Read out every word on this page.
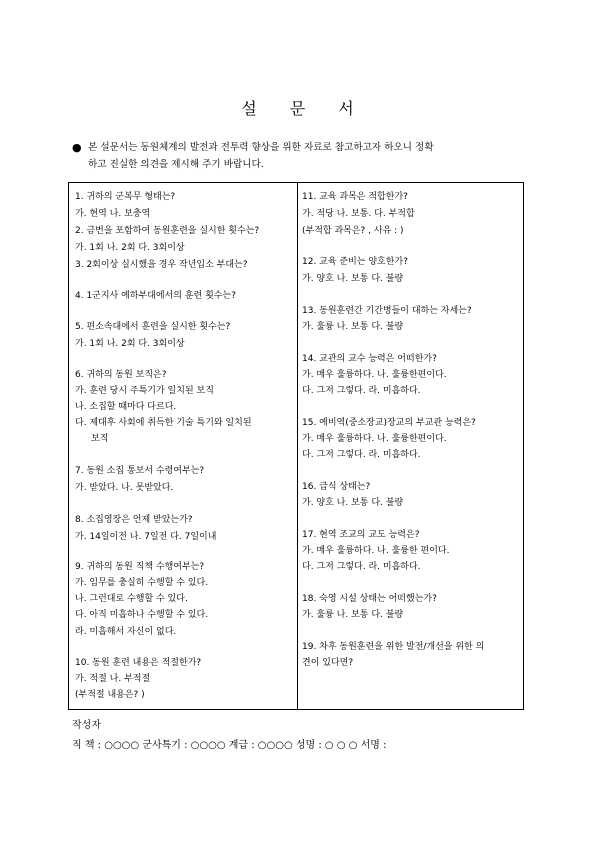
설 문 서
● 본 설문서는 동원체계의 발전과 전투력 향상을 위한 자료로 참고하고자 하오니 정확
하고 진실한 의견을 제시해 주기 바랍니다.
1. 귀하의 군복무 형태는?
가. 현역 나. 보충역
2. 금번을 포함하여 동원훈련을 실시한 횟수는?
가. 1회 나. 2회 다. 3회이상
3. 2회이상 실시했을 경우 작년입소 부대는?
4. 1군지사 예하부대에서의 훈련 횟수는?
5. 편소속대에서 훈련을 실시한 횟수는?
가. 1회 나. 2회 다. 3회이상
6. 귀하의 동원 보직은?
가. 훈련 당시 주특기가 일치된 보직
나. 소집할 때마다 다르다.
다. 제대후 사회에 취득한 기술 특기와 일치된
보직
7. 동원 소집 통보서 수령여부는?
가. 받았다. 나. 못받았다.
8. 소집영장은 언제 받았는가?
가. 14일이전 나. 7일전 다. 7일이내
9. 귀하의 동원 직책 수행여부는?
가. 임무를 충실히 수행할 수 있다.
나. 그런대로 수행할 수 있다.
다. 아직 미흡하나 수행할 수 있다.
라. 미흡해서 자신이 없다.
10. 동원 훈련 내용은 적절한가?
가. 적절 나. 부적절
(부적절 내용은? )
11. 교육 과목은 적합한가?
가. 적당 나. 보통. 다. 부적합
(부적합 과목은? , 사유 : )
12. 교육 준비는 양호한가?
가. 양호 나. 보통 다. 불량
13. 동원훈련간 기간병들이 대하는 자세는?
가. 훌륭 나. 보통 다. 불량
14. 교관의 교수 능력은 어떠한가?
가. 매우 훌륭하다. 나. 훌륭한편이다.
다. 그저 그렇다. 라. 미흡하다.
15. 예비역(중소장교)장교의 부교관 능력은?
가. 매우 훌륭하다. 나. 훌륭한편이다.
다. 그저 그렇다. 라. 미흡하다.
16. 급식 상태는?
가. 양호 나. 보통 다. 불량
17. 현역 조교의 교도 능력은?
가. 매우 훌륭하다. 나. 훌륭한 편이다.
다. 그저 그렇다. 라. 미흡하다.
18. 숙영 시설 상태는 어떠했는가?
가. 훌륭 나. 보통 다. 불량
19. 차후 동원훈련을 위한 발전/개선을 위한 의
견이 있다면?
작성자
직 책 : ○○○○ 군사특기 : ○○○○ 계급 : ○○○○ 성명 : ○ ○ ○ 서명 :
